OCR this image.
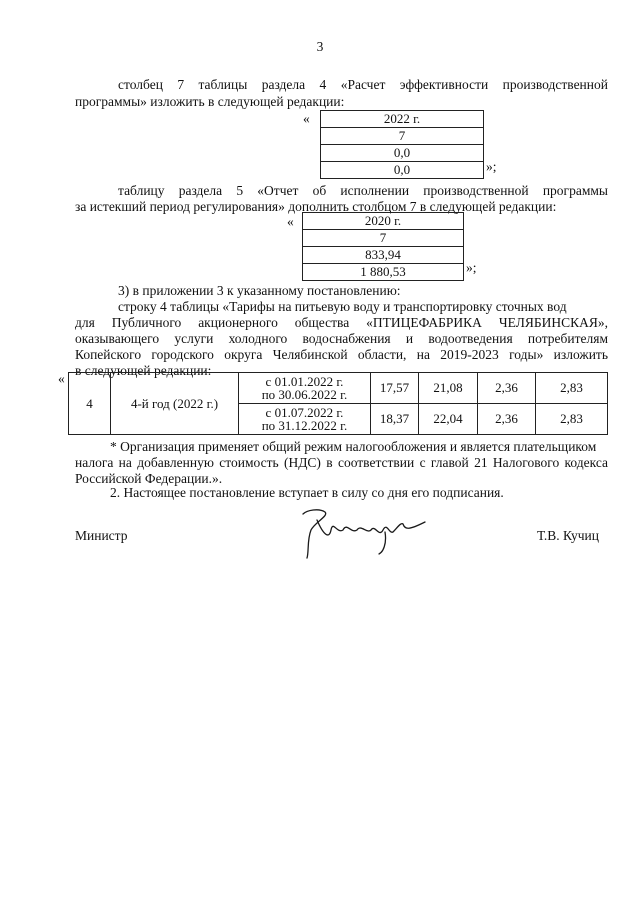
3
столбец 7 таблицы раздела 4 «Расчет эффективности производственной
программы» изложить в следующей редакции:
«	2022 г.
7
0,0
0,0	»;
таблицу раздела 5 «Отчет об исполнении производственной программы
за истекший период регулирования» дополнить столбцом 7 в следующей редакции:
«	2020 г.
7
833,94
1 880,53	»;
3) в приложении 3 к указанному постановлению:
строку 4 таблицы «Тарифы на питьевую воду и транспортировку сточных вод
для Публичного акционерного общества «ПТИЦЕФАБРИКА ЧЕЛЯБИНСКАЯ»,
оказывающего услуги холодного водоснабжения и водоотведения потребителям
Копейского городского округа Челябинской области, на 2019-2023 годы» изложить
в следующей редакции:
«
4	4-й год (2022 г.)	с 01.01.2022 г.
по 30.06.2022 г.	17,57	21,08	2,36	2,83

		с 01.07.2022 г.
по 31.12.2022 г.	18,37	22,04	2,36	2,83
* Организация применяет общий режим налогообложения и является плательщиком
налога на добавленную стоимость (НДС) в соответствии с главой 21 Налогового кодекса
Российской Федерации.».
2. Настоящее постановление вступает в силу со дня его подписания.
Министр	Т.В. Кучиц
